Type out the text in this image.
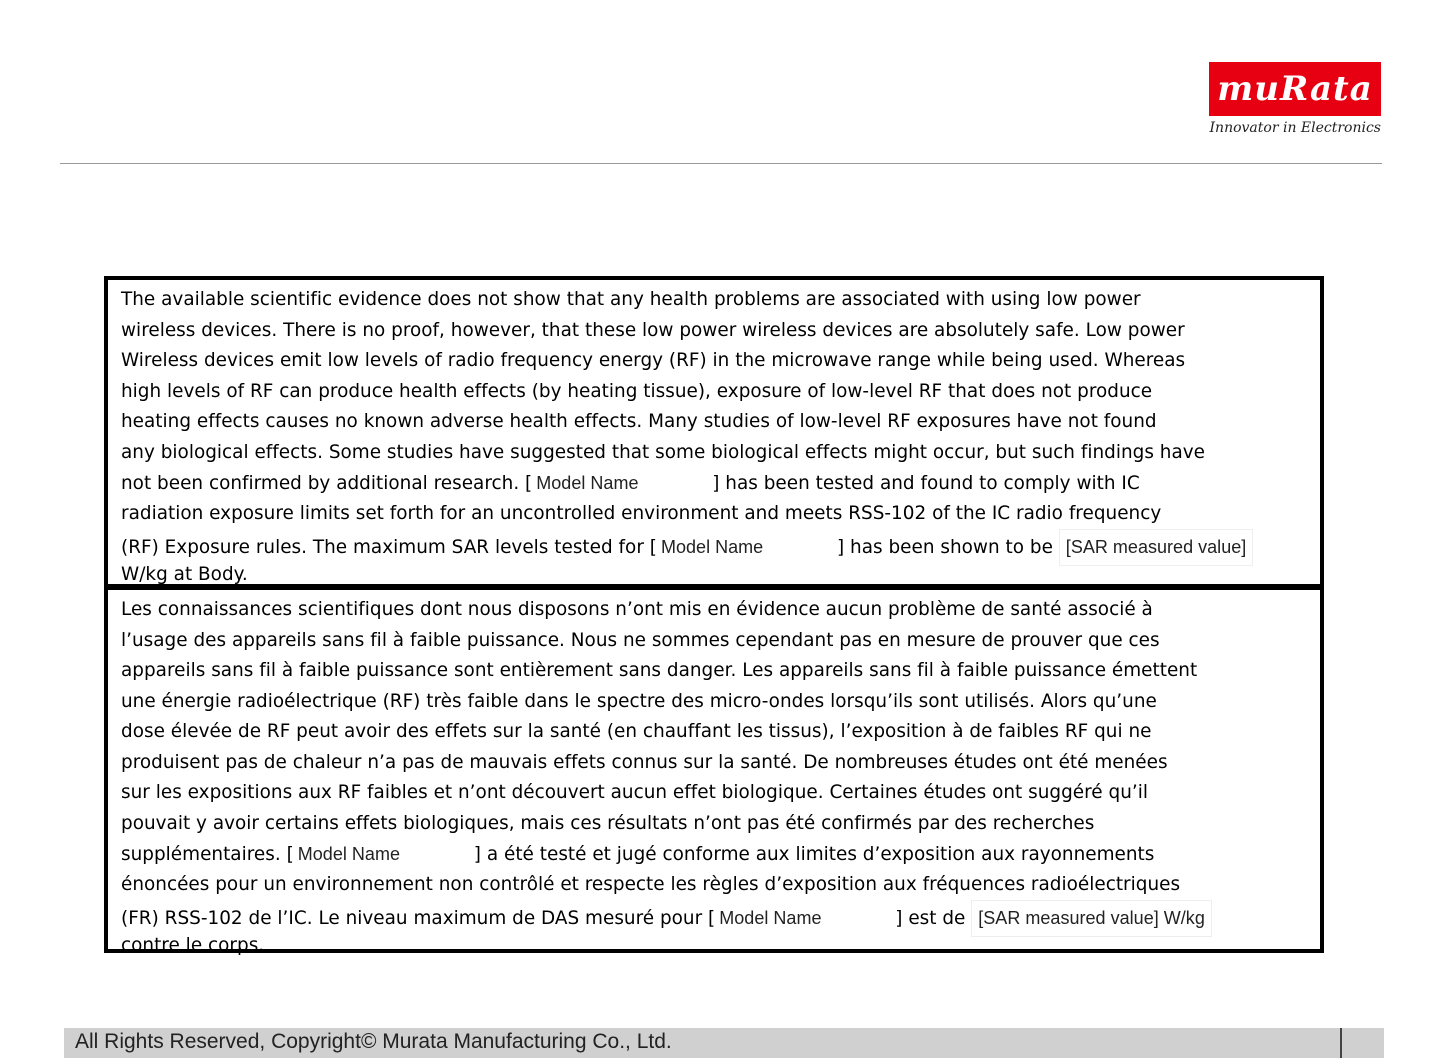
muRata
Innovator in Electronics
The available scientific evidence does not show that any health problems are associated with using low power
wireless devices. There is no proof, however, that these low power wireless devices are absolutely safe. Low power
Wireless devices emit low levels of radio frequency energy (RF) in the microwave range while being used. Whereas
high levels of RF can produce health effects (by heating tissue), exposure of low-level RF that does not produce
heating effects causes no known adverse health effects. Many studies of low-level RF exposures have not found
any biological effects. Some studies have suggested that some biological effects might occur, but such findings have
not been confirmed by additional research. [ Model Name	] has been tested and found to comply with IC
radiation exposure limits set forth for an uncontrolled environment and meets RSS-102 of the IC radio frequency
(RF) Exposure rules. The maximum SAR levels tested for [ Model Name	] has been shown to be [SAR measured value]
W/kg at Body.
Les connaissances scientifiques dont nous disposons n’ont mis en évidence aucun problème de santé associé à
l’usage des appareils sans fil à faible puissance. Nous ne sommes cependant pas en mesure de prouver que ces
appareils sans fil à faible puissance sont entièrement sans danger. Les appareils sans fil à faible puissance émettent
une énergie radioélectrique (RF) très faible dans le spectre des micro-ondes lorsqu’ils sont utilisés. Alors qu’une
dose élevée de RF peut avoir des effets sur la santé (en chauffant les tissus), l’exposition à de faibles RF qui ne
produisent pas de chaleur n’a pas de mauvais effets connus sur la santé. De nombreuses études ont été menées
sur les expositions aux RF faibles et n’ont découvert aucun effet biologique. Certaines études ont suggéré qu’il
pouvait y avoir certains effets biologiques, mais ces résultats n’ont pas été confirmés par des recherches
supplémentaires. [ Model Name	] a été testé et jugé conforme aux limites d’exposition aux rayonnements
énoncées pour un environnement non contrôlé et respecte les règles d’exposition aux fréquences radioélectriques
(FR) RSS-102 de l’IC. Le niveau maximum de DAS mesuré pour [ Model Name	] est de [SAR measured value] W/kg
contre le corps.
All Rights Reserved, Copyright© Murata Manufacturing Co., Ltd.
